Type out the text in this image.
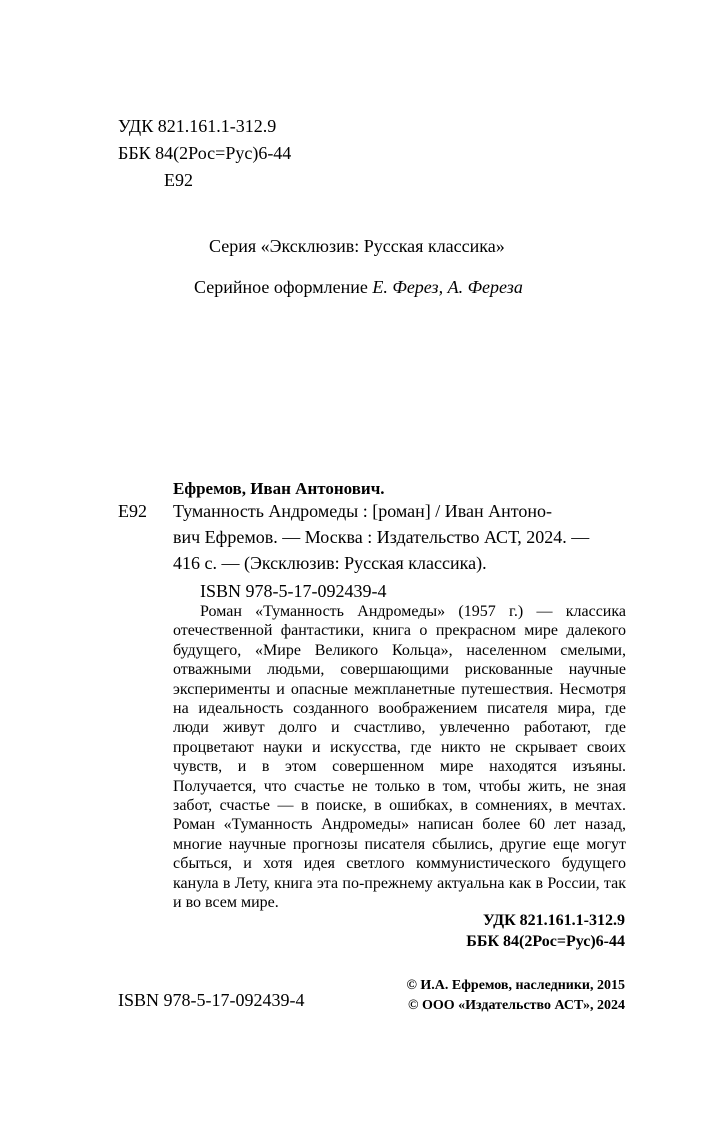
УДК 821.161.1-312.9
ББК 84(2Рос=Рус)6-44
Е92
Серия «Эксклюзив: Русская классика»
Серийное оформление Е. Ферез, А. Фереза
Ефремов, Иван Антонович.
Е92 Туманность Андромеды : [роман] / Иван Антоно-
вич Ефремов. — Москва : Издательство АСТ, 2024. —
416 с. — (Эксклюзив: Русская классика).
ISBN 978-5-17-092439-4

Роман «Туманность Андромеды» (1957 г.) — классика отечественной фантастики, книга о прекрасном мире далекого будущего, «Мире Великого Кольца», населенном смелыми, отважными людьми, совершающими рискованные научные эксперименты и опасные межпланетные путешествия. Несмотря на идеальность созданного воображением писателя мира, где люди живут долго и счастливо, увлеченно работают, где процветают науки и искусства, где никто не скрывает своих чувств, и в этом совершенном мире находятся изъяны. Получается, что счастье не только в том, чтобы жить, не зная забот, счастье — в поиске, в ошибках, в сомнениях, в мечтах. Роман «Туманность Андромеды» написан более 60 лет назад, многие научные прогнозы писателя сбылись, другие еще могут сбыться, и хотя идея светлого коммунистического будущего канула в Лету, книга эта по-прежнему актуальна как в России, так и во всем мире.

УДК 821.161.1-312.9
ББК 84(2Рос=Рус)6-44
ISBN 978-5-17-092439-4
© И.А. Ефремов, наследники, 2015
© ООО «Издательство АСТ», 2024
